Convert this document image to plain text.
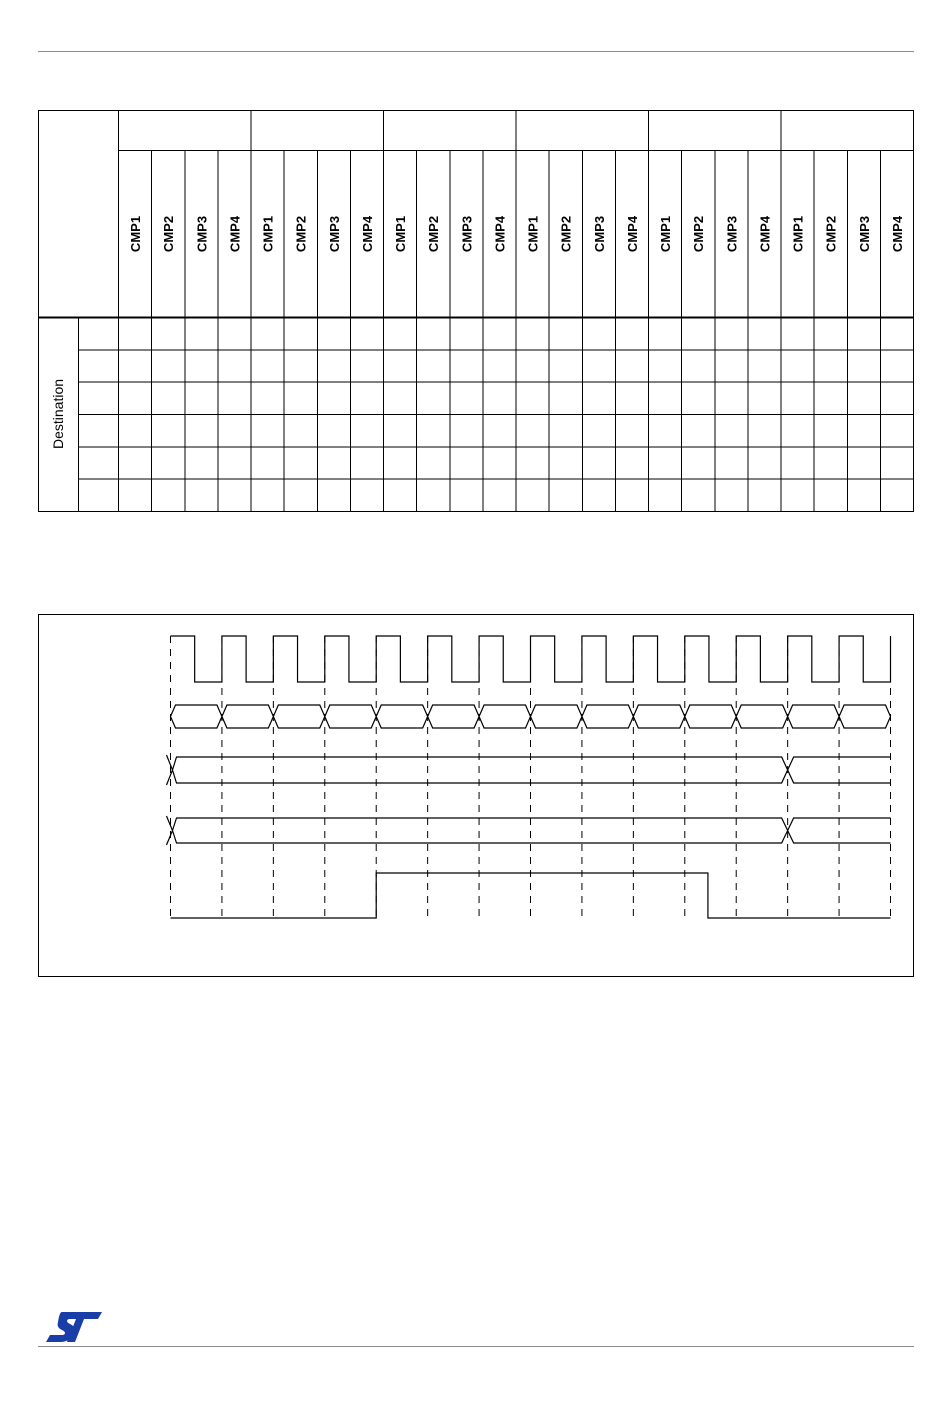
Destination
CMP1 CMP2 CMP3 CMP4 CMP1 CMP2 CMP3 CMP4 CMP1 CMP2 CMP3 CMP4 CMP1 CMP2 CMP3 CMP4 CMP1 CMP2 CMP3 CMP4 CMP1 CMP2 CMP3 CMP4
